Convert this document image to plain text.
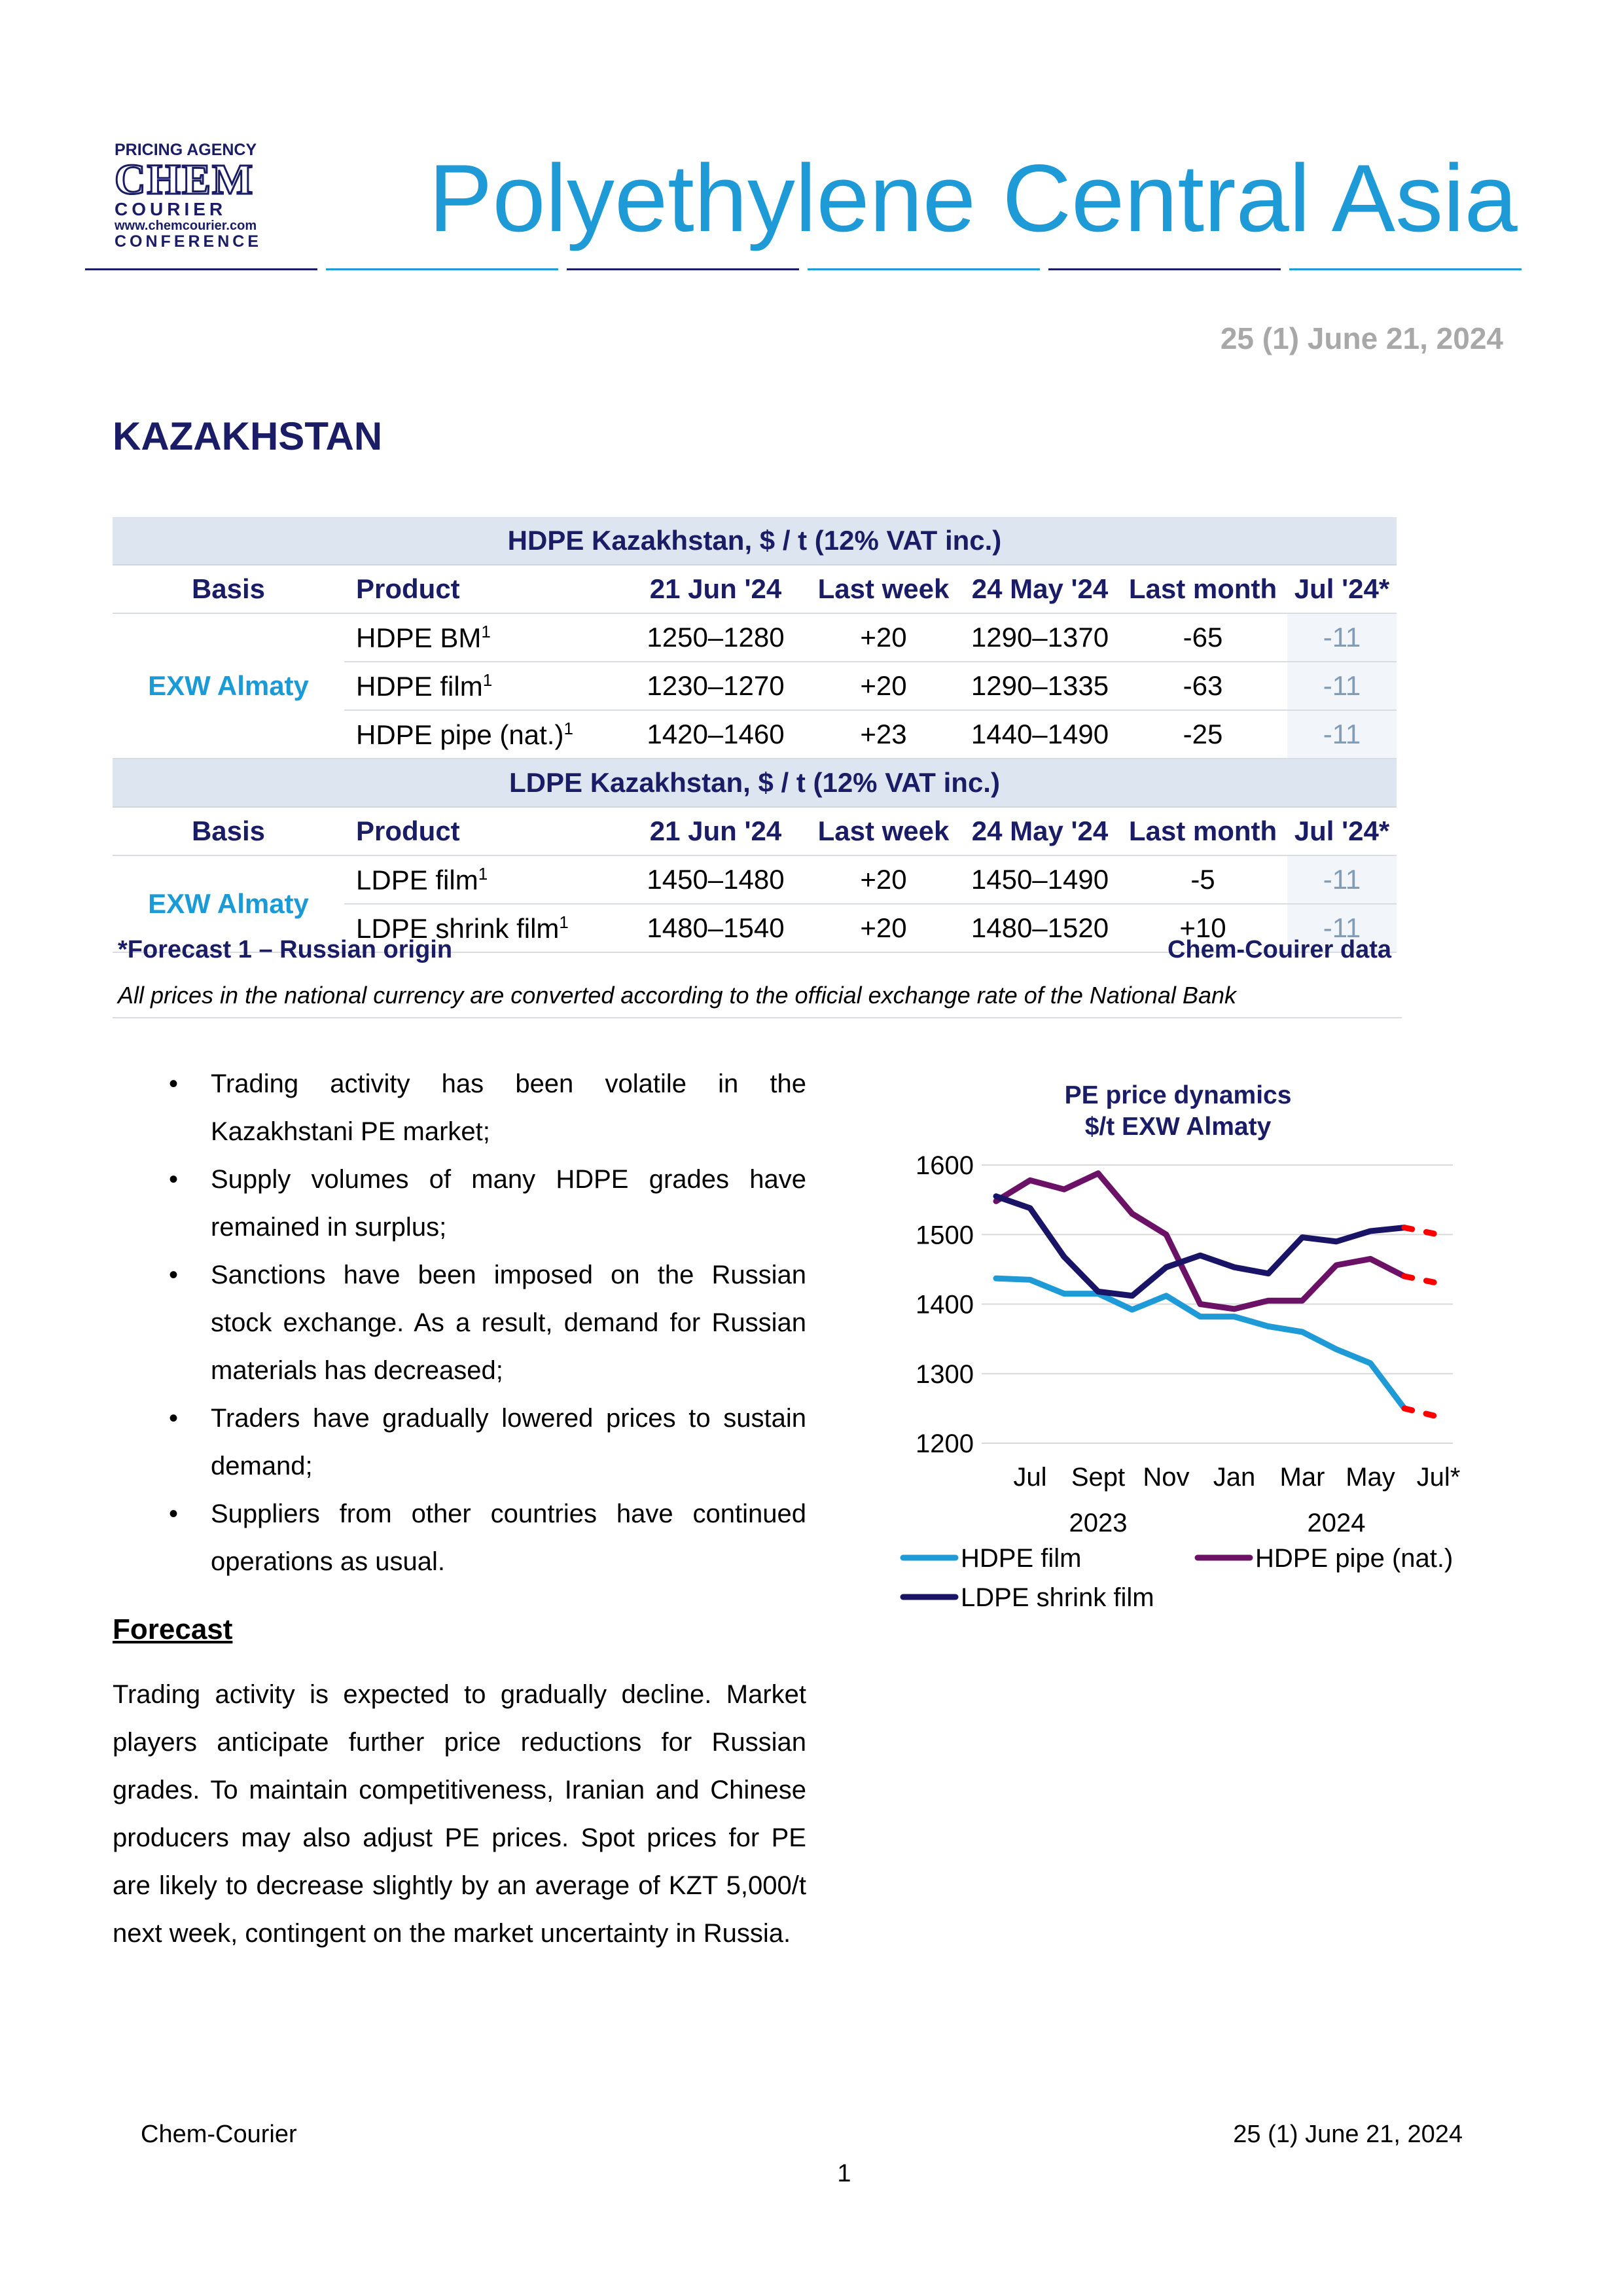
PRICING AGENCY
CHEM
COURIER
www.chemcourier.com
CONFERENCE Polyethylene Central Asia
25 (1) June 21, 2024
KAZAKHSTAN
HDPE Kazakhstan, $ / t (12% VAT inc.)						
Basis	Product	21 Jun '24	Last week	24 May '24	Last month	Jul '24*
EXW Almaty	HDPE $BM^1$	1250–1280	+20	1290–1370	-65	-11
	HDPE film$^1$	1230–1270	+20	1290–1335	-63	-11
	HDPE pipe $(nat.)^1$	1420–1460	+23	1440–1490	-25	-11
LDPE Kazakhstan, $ / t (12% VAT inc.)						
Basis	Product	21 Jun '24	Last week	24 May '24	Last month	Jul '24*
EXW Almaty	LDPE film$^1$	1450–1480	+20	1450–1490	-5	-11
	LDPE shrink film$^1$	1480–1540	+20	1480–1520	+10	-11
*Forecast 1 – Russian origin	Chem-Couirer data
All prices in the national currency are converted according to the official exchange rate of the National Bank
• Trading activity has been volatile in the Kazakhstani PE market;
• Supply volumes of many HDPE grades have remained in surplus;
• Sanctions have been imposed on the Russian stock exchange. As a result, demand for Russian materials has decreased;
• Traders have gradually lowered prices to sustain demand;
• Suppliers from other countries have continued operations as usual.
Forecast
Trading activity is expected to gradually decline. Market players anticipate further price reductions for Russian grades. To maintain competitiveness, Iranian and Chinese producers may also adjust PE prices. Spot prices for PE are likely to decrease slightly by an average of KZT 5,000/t next week, contingent on the market uncertainty in Russia.
PE price dynamics
$/t EXW Almaty
1200
1300
1400
1500
1600
Jul Sept Nov Jan Mar May Jul*
2023	2024
HDPE film	HDPE pipe (nat.)
LDPE shrink film
Chem-Courier	25 (1) June 21, 2024
1
